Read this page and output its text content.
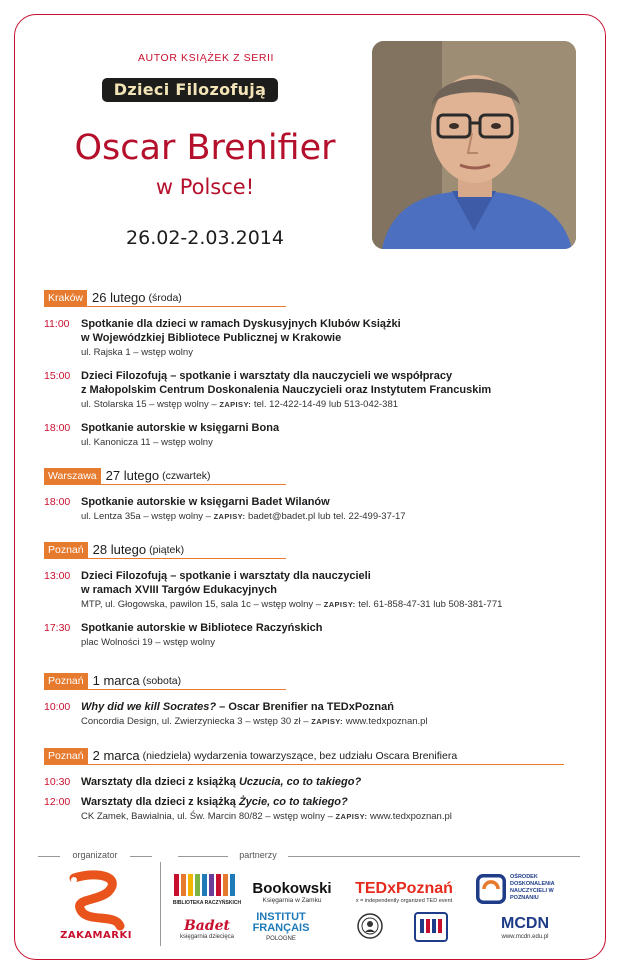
AUTOR KSIĄŻEK Z SERII
Dzieci Filozofują
Oscar Brenifier
w Polsce!
26.02-2.03.2014
Kraków 26 lutego (środa)
11:00 Spotkanie dla dzieci w ramach Dyskusyjnych Klubów Książki
w Wojewódzkiej Bibliotece Publicznej w Krakowie
ul. Rajska 1 – wstęp wolny
15:00 Dzieci Filozofują – spotkanie i warsztaty dla nauczycieli we współpracy
z Małopolskim Centrum Doskonalenia Nauczycieli oraz Instytutem Francuskim
ul. Stolarska 15 – wstęp wolny – ZAPISY: tel. 12-422-14-49 lub 513-042-381
18:00 Spotkanie autorskie w księgarni Bona
ul. Kanonicza 11 – wstęp wolny
Warszawa 27 lutego (czwartek)
18:00 Spotkanie autorskie w księgarni Badet Wilanów
ul. Lentza 35a – wstęp wolny – ZAPISY: badet@badet.pl lub tel. 22-499-37-17
Poznań 28 lutego (piątek)
13:00 Dzieci Filozofują – spotkanie i warsztaty dla nauczycieli
w ramach XVIII Targów Edukacyjnych
MTP, ul. Głogowska, pawilon 15, sala 1c – wstęp wolny – ZAPISY: tel. 61-858-47-31 lub 508-381-771
17:30 Spotkanie autorskie w Bibliotece Raczyńskich
plac Wolności 19 – wstęp wolny
Poznań 1 marca (sobota)
10:00 Why did we kill Socrates? – Oscar Brenifier na TEDxPoznań
Concordia Design, ul. Zwierzyniecka 3 – wstęp 30 zł – ZAPISY: www.tedxpoznan.pl
Poznań 2 marca (niedziela) wydarzenia towarzyszące, bez udziału Oscara Brenifiera
10:30 Warsztaty dla dzieci z książką Uczucia, co to takiego?
12:00 Warsztaty dla dzieci z książką Życie, co to takiego?
CK Zamek, Bawialnia, ul. Św. Marcin 80/82 – wstęp wolny – ZAPISY: www.tedxpoznan.pl
organizator	partnerzy
ZAKAMARKI
BIBLIOTEKA RACZYŃSKICH
Bookowski
Księgarnia w Zamku
TEDxPoznań
x = independently organized TED event
OŚRODEK DOSKONALENIA NAUCZYCIELI W POZNANIU
Badet
księgarnia dziecięca
INSTITUT FRANÇAIS
POLOGNE
MCDN
www.mcdn.edu.pl
